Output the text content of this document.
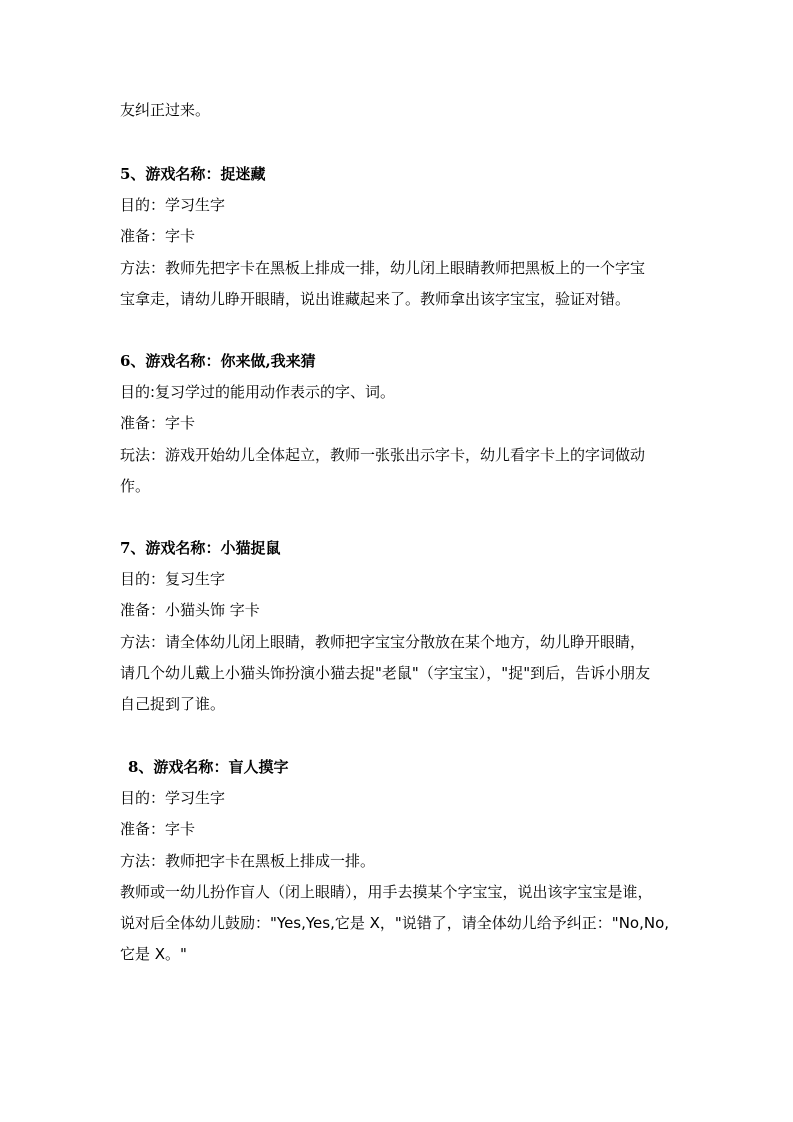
友纠正过来。
5、游戏名称：捉迷藏
目的：学习生字
准备：字卡
方法：教师先把字卡在黑板上排成一排，幼儿闭上眼睛教师把黑板上的一个字宝
宝拿走，请幼儿睁开眼睛，说出谁藏起来了。教师拿出该字宝宝，验证对错。
6、游戏名称：你来做,我来猜
目的:复习学过的能用动作表示的字、词。
准备：字卡
玩法：游戏开始幼儿全体起立，教师一张张出示字卡，幼儿看字卡上的字词做动
作。
7、游戏名称：小猫捉鼠
目的：复习生字
准备：小猫头饰 字卡
方法：请全体幼儿闭上眼睛，教师把字宝宝分散放在某个地方，幼儿睁开眼睛，
请几个幼儿戴上小猫头饰扮演小猫去捉"老鼠"（字宝宝），"捉"到后，告诉小朋友
自己捉到了谁。
8、游戏名称：盲人摸字
目的：学习生字
准备：字卡
方法：教师把字卡在黑板上排成一排。
教师或一幼儿扮作盲人（闭上眼睛），用手去摸某个字宝宝，说出该字宝宝是谁，
说对后全体幼儿鼓励："Yes,Yes,它是 X，"说错了，请全体幼儿给予纠正："No,No,
它是 X。"
